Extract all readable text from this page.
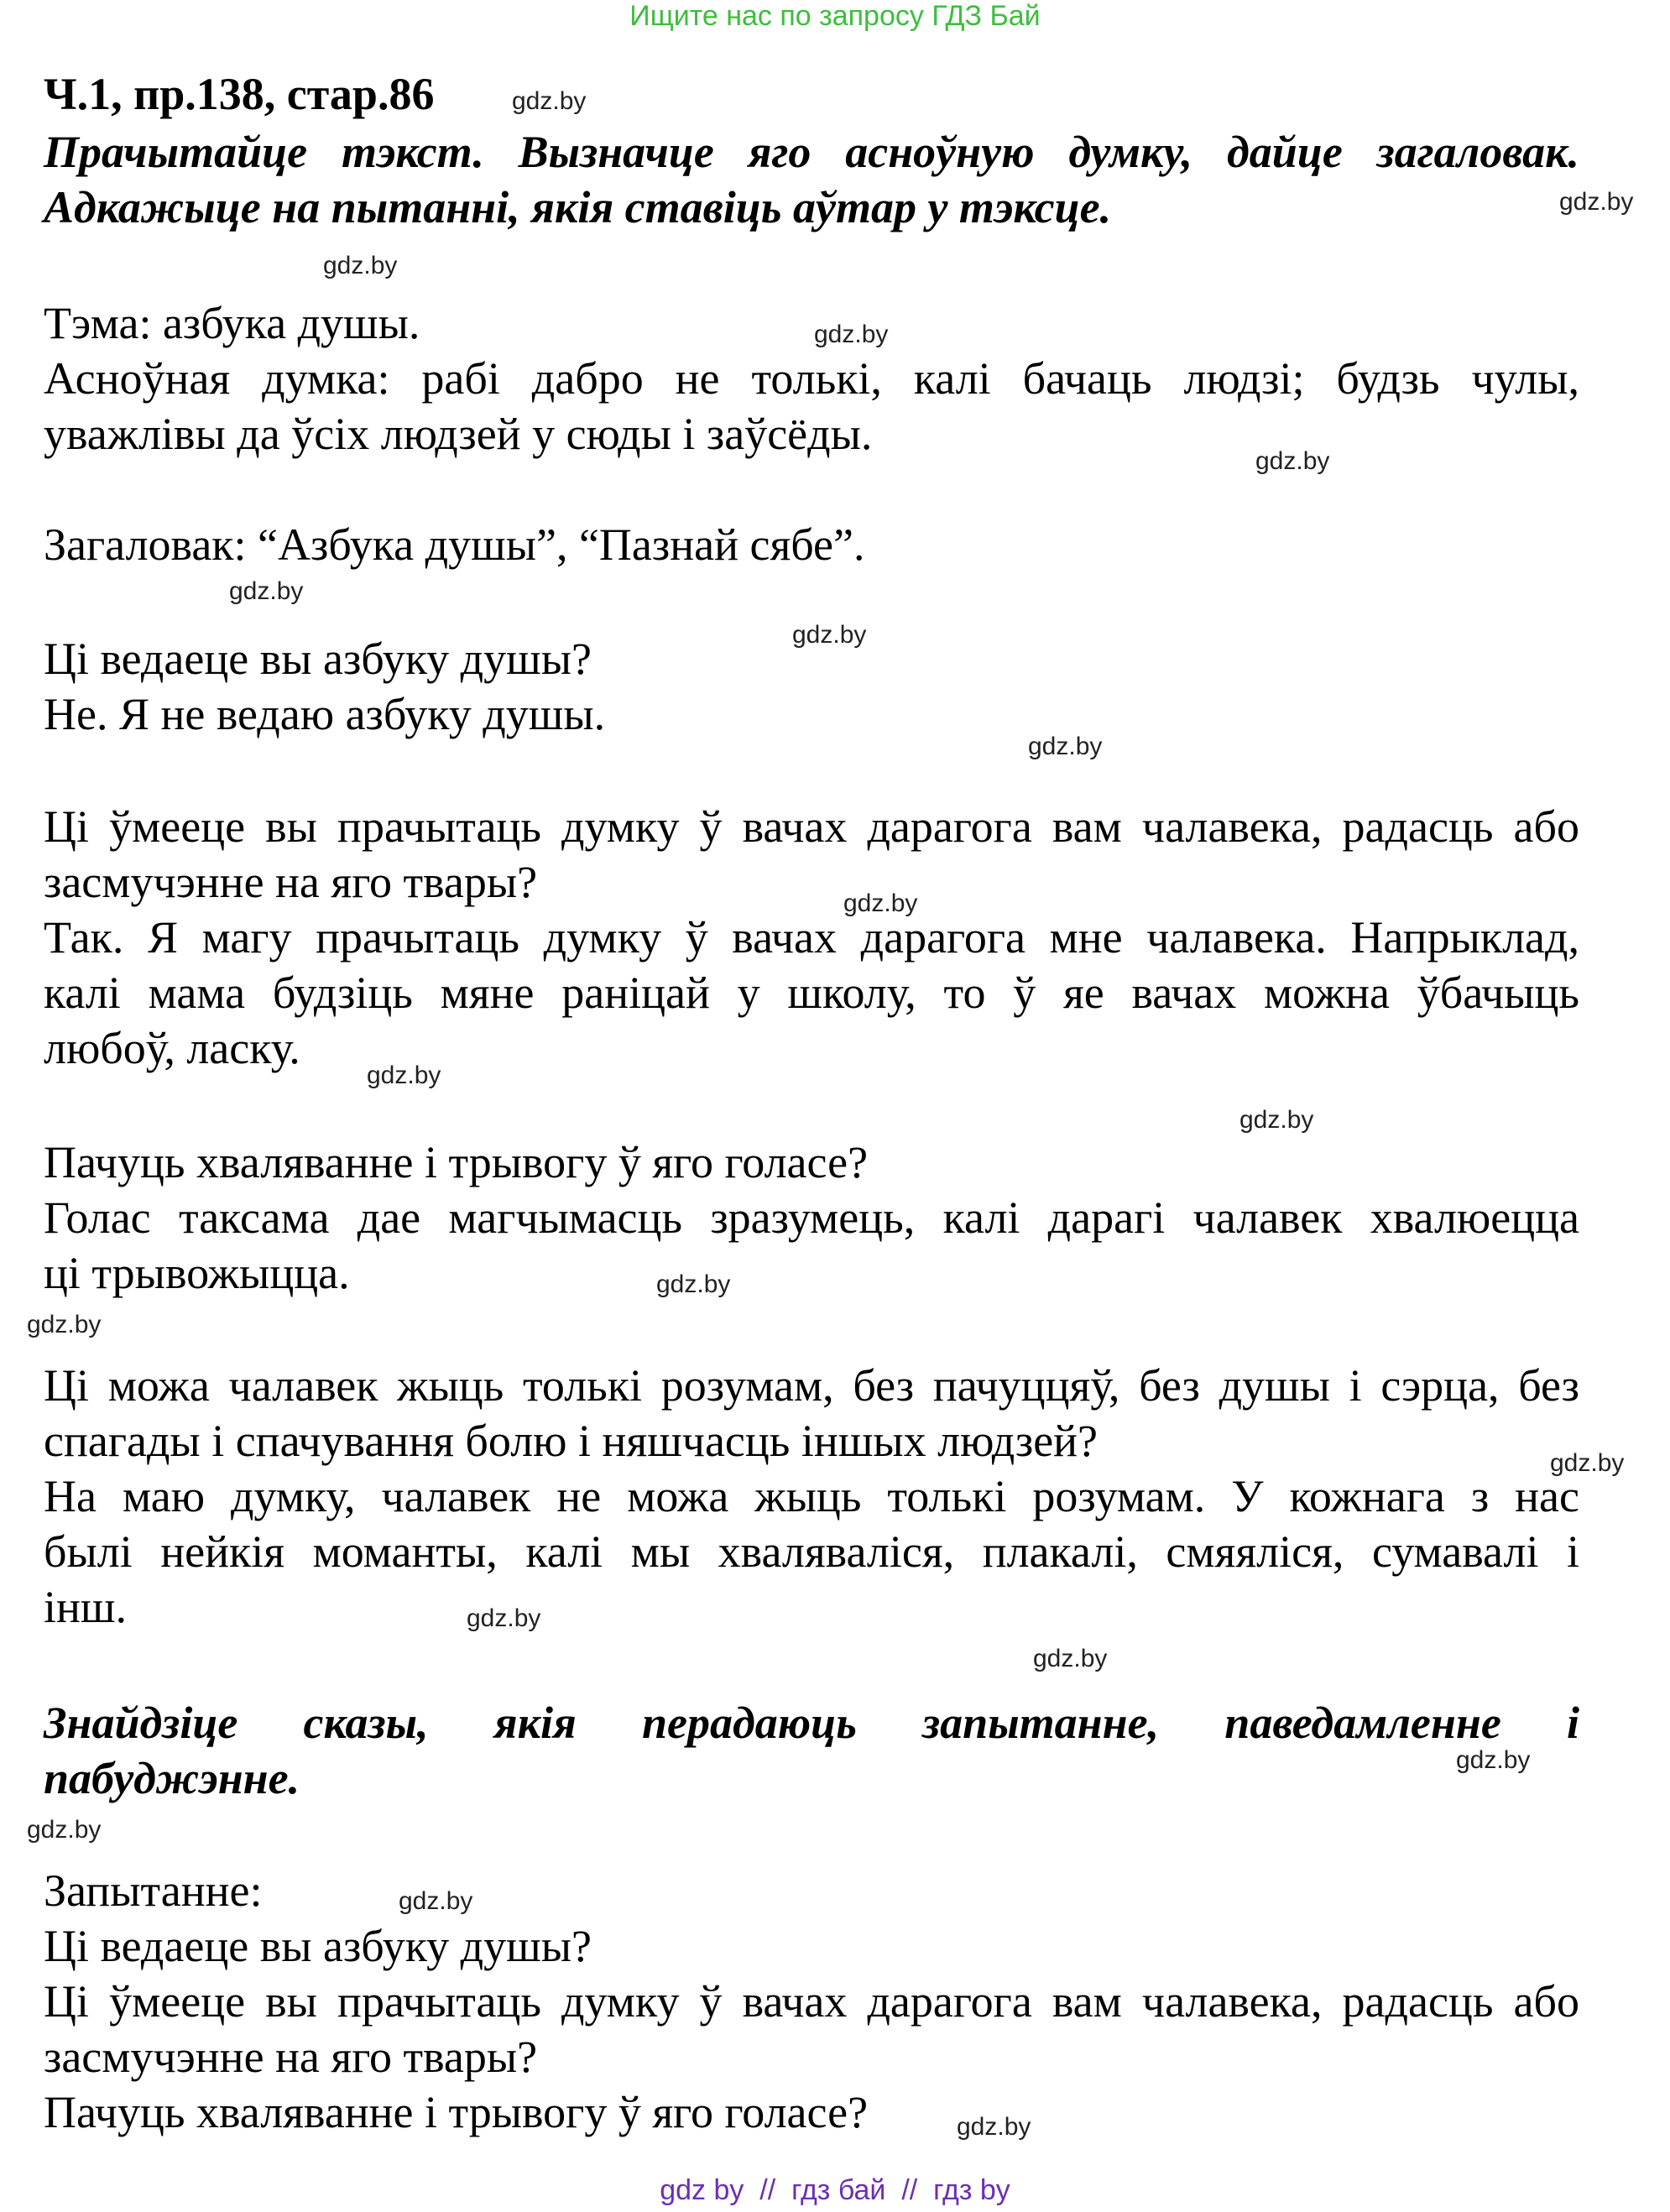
Ищите нас по запросу ГДЗ Бай
Ч.1, пр.138, стар.86
Прачытайце тэкст. Вызначце яго асноўную думку, дайце загаловак.
Адкажыце на пытанні, якія ставіць аўтар у тэксце.
Тэма: азбука душы.
Асноўная думка: рабі дабро не толькі, калі бачаць людзі; будзь чулы,
уважлівы да ўсіх людзей у сюды і заўсёды.
Загаловак: “Азбука душы”, “Пазнай сябе”.
Ці ведаеце вы азбуку душы?
Не. Я не ведаю азбуку душы.
Ці ўмееце вы прачытаць думку ў вачах дарагога вам чалавека, радасць або
засмучэнне на яго твары?
Так. Я магу прачытаць думку ў вачах дарагога мне чалавека. Напрыклад,
калі мама будзіць мяне раніцай у школу, то ў яе вачах можна ўбачыць
любоў, ласку.
Пачуць хваляванне і трывогу ў яго голасе?
Голас таксама дае магчымасць зразумець, калі дарагі чалавек хвалюецца
ці трывожыцца.
Ці можа чалавек жыць толькі розумам, без пачуццяў, без душы і сэрца, без
спагады і спачування болю і няшчасць іншых людзей?
На маю думку, чалавек не можа жыць толькі розумам. У кожнага з нас
былі нейкія моманты, калі мы хваляваліся, плакалі, смяяліся, сумавалі і
інш.
Знайдзіце сказы, якія перадаюць запытанне, паведамленне і
пабуджэнне.
Запытанне:
Ці ведаеце вы азбуку душы?
Ці ўмееце вы прачытаць думку ў вачах дарагога вам чалавека, радасць або
засмучэнне на яго твары?
Пачуць хваляванне і трывогу ў яго голасе?
gdz.by
gdz.by
gdz.by
gdz.by
gdz.by
gdz.by
gdz.by
gdz.by
gdz.by
gdz.by
gdz.by
gdz.by
gdz.by
gdz.by
gdz.by
gdz.by
gdz.by
gdz.by
gdz.by
gdz.by
gdz by  //  гдз бай  //  гдз by
